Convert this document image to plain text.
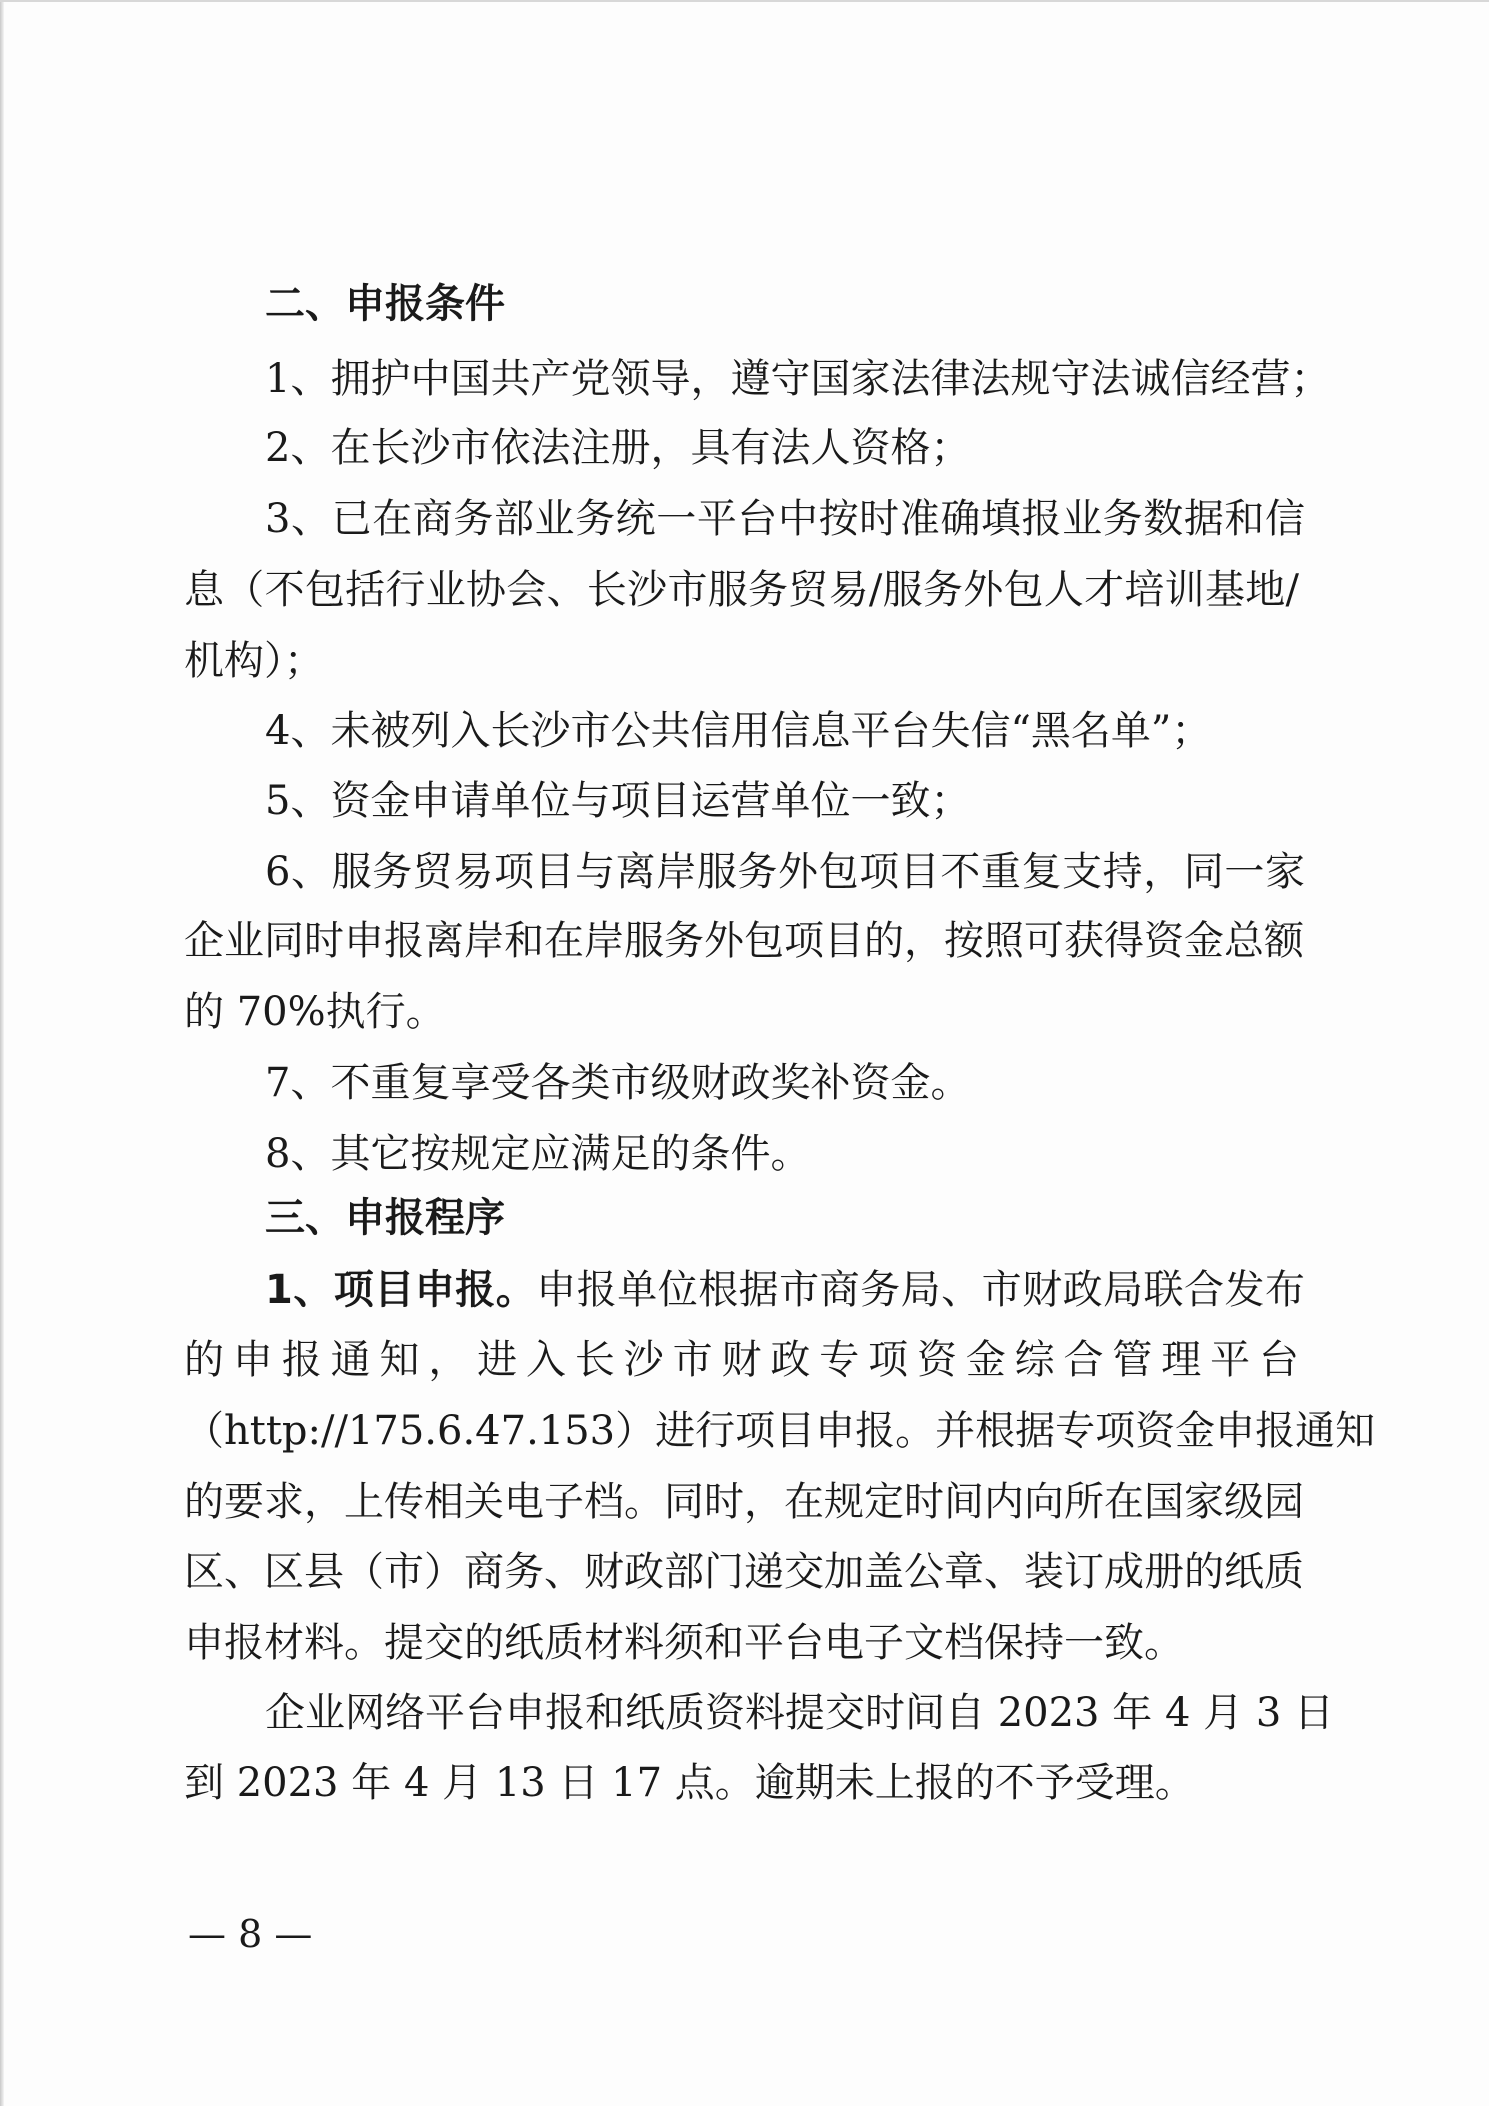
二、申报条件
1、拥护中国共产党领导，遵守国家法律法规守法诚信经营；
2、在长沙市依法注册，具有法人资格；
3、已在商务部业务统一平台中按时准确填报业务数据和信
息（不包括行业协会、长沙市服务贸易/服务外包人才培训基地/
机构）；
4、未被列入长沙市公共信用信息平台失信“黑名单”；
5、资金申请单位与项目运营单位一致；
6、服务贸易项目与离岸服务外包项目不重复支持，同一家
企业同时申报离岸和在岸服务外包项目的，按照可获得资金总额
的 70%执行。
7、不重复享受各类市级财政奖补资金。
8、其它按规定应满足的条件。
三、申报程序
1、项目申报。申报单位根据市商务局、市财政局联合发布
的申报通知，进入长沙市财政专项资金综合管理平台
（http://175.6.47.153）进行项目申报。并根据专项资金申报通知
的要求，上传相关电子档。同时，在规定时间内向所在国家级园
区、区县（市）商务、财政部门递交加盖公章、装订成册的纸质
申报材料。提交的纸质材料须和平台电子文档保持一致。
企业网络平台申报和纸质资料提交时间自 2023 年 4 月 3 日
到 2023 年 4 月 13 日 17 点。逾期未上报的不予受理。
— 8 —
